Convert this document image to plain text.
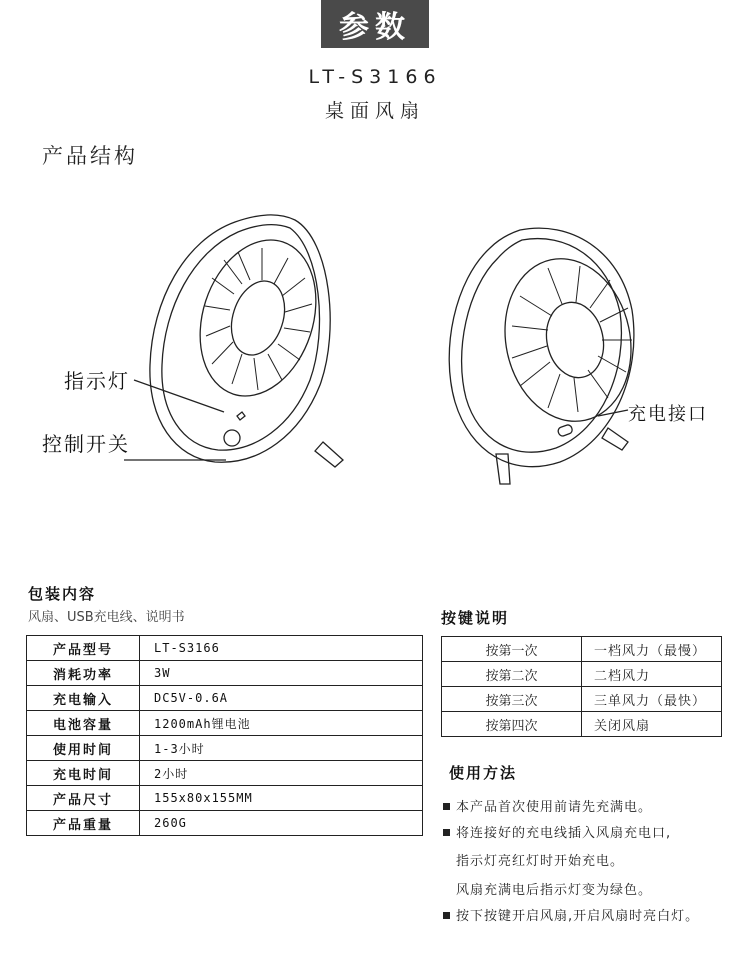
参数
LT-S3166
桌面风扇
产品结构
指示灯
控制开关
充电接口
包装内容
风扇、USB充电线、说明书
产品型号	LT-S3166
消耗功率	3W
充电输入	DC5V-0.6A
电池容量	1200mAh锂电池
使用时间	1-3小时
充电时间	2小时
产品尺寸	155x80x155MM
产品重量	260G
按键说明
按第一次	一档风力（最慢）
按第二次	二档风力
按第三次	三单风力（最快）
按第四次	关闭风扇
使用方法
本产品首次使用前请先充满电。
将连接好的充电线插入风扇充电口,
指示灯亮红灯时开始充电。
风扇充满电后指示灯变为绿色。
按下按键开启风扇,开启风扇时亮白灯。
